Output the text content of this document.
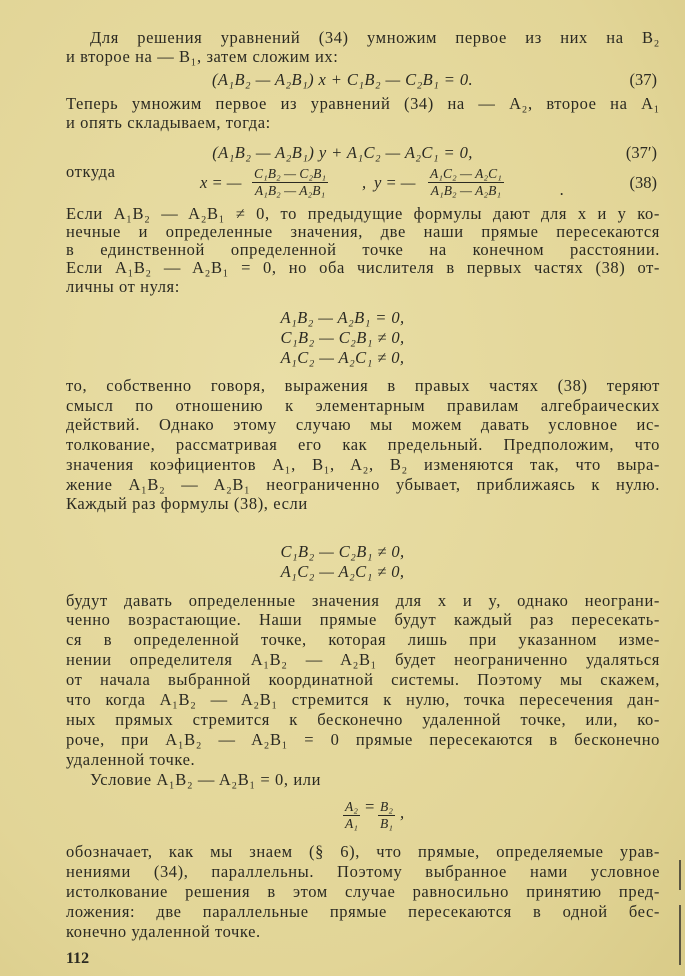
Для решения уравнений (34) умножим первое из них на B₂
и второе на — B₁, затем сложим их:
(A₁B₂ — A₂B₁) x + C₁B₂ — C₂B₁ = 0.	(37)
Теперь умножим первое из уравнений (34) на — A₂, второе на A₁
и опять складываем, тогда:
(A₁B₂ — A₂B₁) y + A₁C₂ — A₂C₁ = 0,	(37′)
откуда
x = — $\frac{\text{C₁B₂ — C₂B₁}}{\text{A₁B₂ — A₂B₁}}$ , y = — $\frac{\text{A₁C₂ — A₂C₁}}{\text{A₁B₂ — A₂B₁}}$	.	(38)
Если A₁B₂ — A₂B₁ ≠ 0, то предыдущие формулы дают для x и y ко-
нечные и определенные значения, две наши прямые пересекаются
в единственной определенной точке на конечном расстоянии.
Если A₁B₂ — A₂B₁ = 0, но оба числителя в первых частях (38) от-
личны от нуля:
A₁B₂ — A₂B₁ = 0,
C₁B₂ — C₂B₁ ≠ 0,
A₁C₂ — A₂C₁ ≠ 0,
то, собственно говоря, выражения в правых частях (38) теряют
смысл по отношению к элементарным правилам алгебраических
действий. Однако этому случаю мы можем давать условное ис-
толкование, рассматривая его как предельный. Предположим, что
значения коэфициентов A₁, B₁, A₂, B₂ изменяются так, что выра-
жение A₁B₂ — A₂B₁ неограниченно убывает, приближаясь к нулю.
Каждый раз формулы (38), если
C₁B₂ — C₂B₁ ≠ 0,
A₁C₂ — A₂C₁ ≠ 0,
будут давать определенные значения для x и y, однако неограни-
ченно возрастающие. Наши прямые будут каждый раз пересекать-
ся в определенной точке, которая лишь при указанном изме-
нении определителя A₁B₂ — A₂B₁ будет неограниченно удаляться
от начала выбранной координатной системы. Поэтому мы скажем,
что когда A₁B₂ — A₂B₁ стремится к нулю, точка пересечения дан-
ных прямых стремится к бесконечно удаленной точке, или, ко-
роче, при A₁B₂ — A₂B₁ = 0 прямые пересекаются в бесконечно
удаленной точке.
Условие A₁B₂ — A₂B₁ = 0, или
$\frac{\text{A₂}}{\text{A₁}} = \frac{\text{B₂}}{\text{B₁}}$ ,
обозначает, как мы знаем (§ 6), что прямые, определяемые урав-
нениями (34), параллельны. Поэтому выбранное нами условное
истолкование решения в этом случае равносильно принятию пред-
ложения: две параллельные прямые пересекаются в одной бес-
конечно удаленной точке.
112
